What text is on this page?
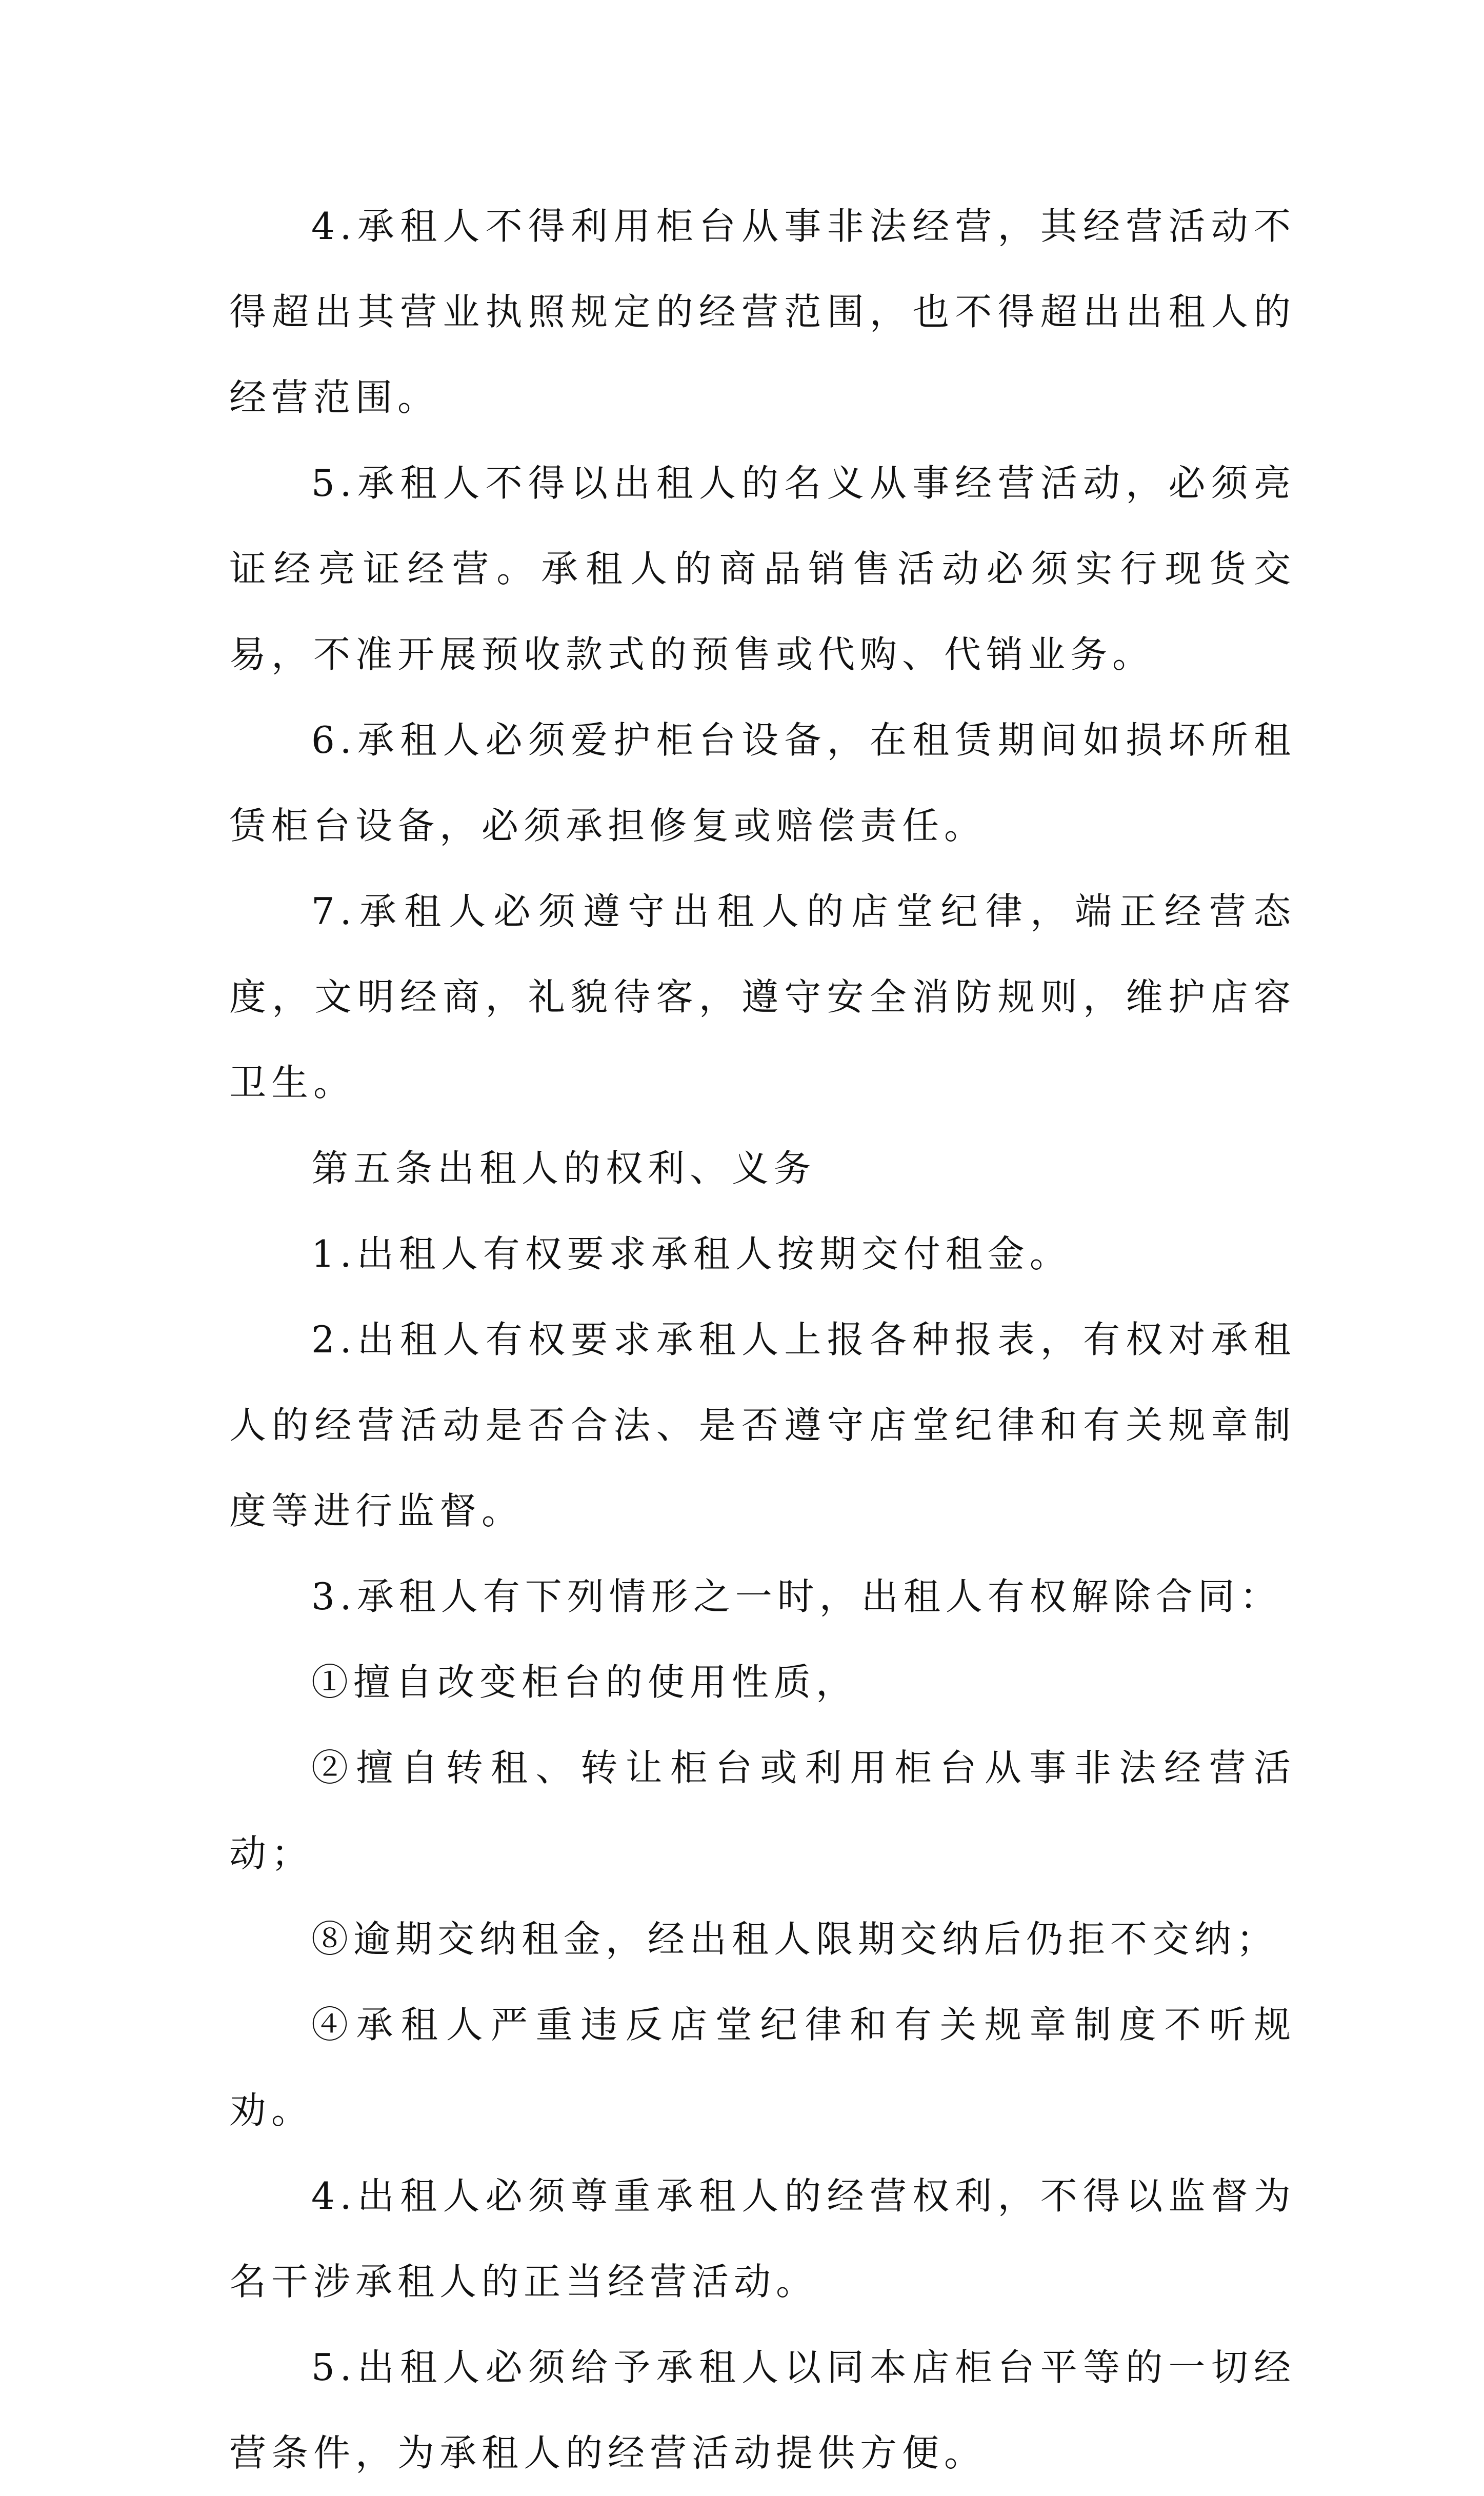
4.承租人不得利用柜台从事非法经营，其经营活动不得超出其营业执照规定的经营范围，也不得超出出租人的经营范围。

5.承租人不得以出租人的名义从事经营活动，必须亮证经亮证经营。承租人的商品销售活动必须实行现货交易，不准开展预收款式的预售或代购、代销业务。

6.承租人必须爱护柜台设备，在租赁期间如损坏所租赁柜台设备，必须承担修复或赔偿责任。

7.承租人必须遵守出租人的店堂纪律，端正经营态度，文明经商，礼貌待客，遵守安全消防规则，维护店容卫生。

第五条出租人的权利、义务

1.出租人有权要求承租人按期交付租金。

2.出租人有权要求承租人上报各种报表，有权对承租人的经营活动是否合法、是否遵守店堂纪律和有关规章制度等进行监督。

3.承租人有下列情形之一时，出租人有权解除合同：

①擅自改变柜台的使用性质，

②擅自转租、转让柜台或利用柜台从事非法经营活动；

⑧逾期交纳租金，经出租人限期交纳后仍拒不交纳；

④承租人严重违反店堂纪律和有关规章制度不听规劝。

4.出租人必须尊重承租人的经营权利，不得以监督为名干涉承租人的正当经营活动。

5.出租人必须给予承租人以同本店柜台平等的一切经营条件，为承租人的经营活动提供方便。
